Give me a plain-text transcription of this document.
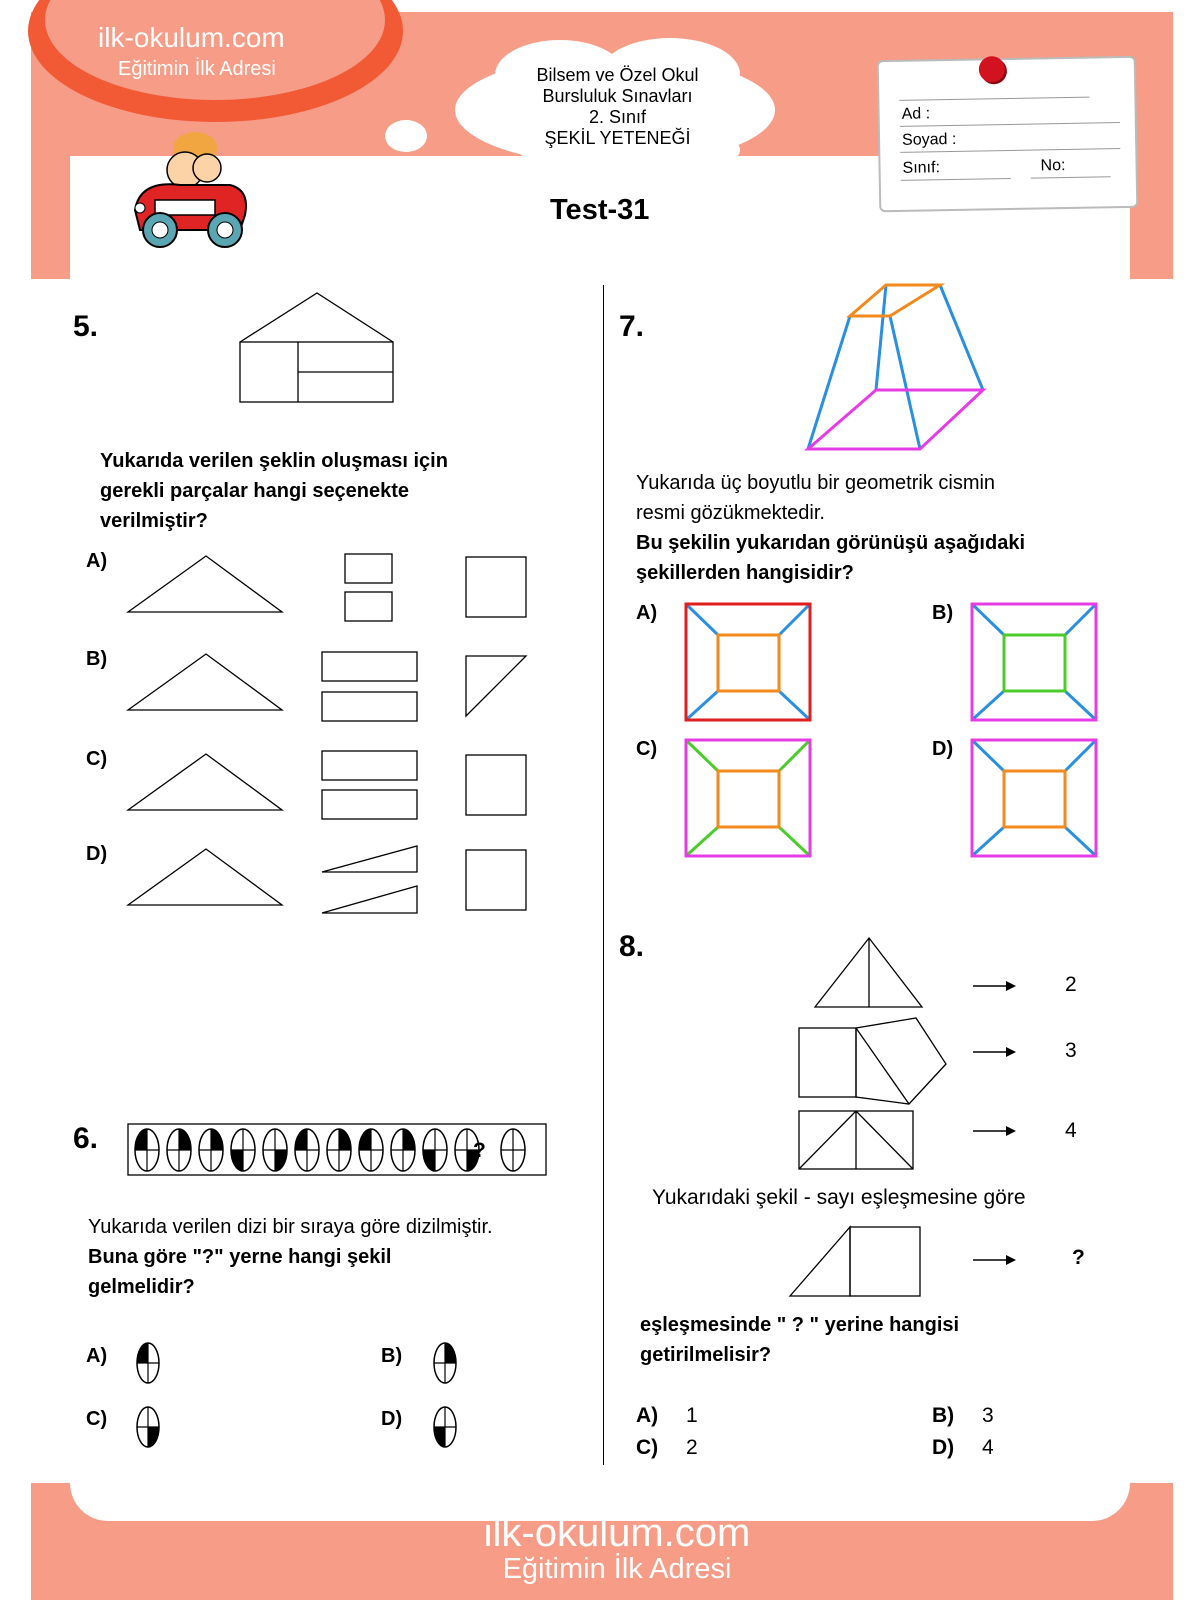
ilk-okulum.com
Eğitimin İlk Adresi	Bilsem ve Özel Okul
Bursluluk Sınavları
2. Sınıf
ŞEKİL YETENEĞİ
Ad :
Soyad :
Sınıf:	No:
Test-31
5.
Yukarıda verilen şeklin oluşması için
gerekli parçalar hangi seçenekte
verilmiştir?
A)
B)
C)
D)
6.	?
Yukarıda verilen dizi bir sıraya göre dizilmiştir.
Buna göre "?" yerne hangi şekil
gelmelidir?
A)	B)
C)	D)
7.
Yukarıda üç boyutlu bir geometrik cismin
resmi gözükmektedir.
Bu şekilin yukarıdan görünüşü aşağıdaki
şekillerden hangisidir?
A)	B)
C)	D)
8.
2
3
4
Yukarıdaki şekil - sayı eşleşmesine göre
?
eşleşmesinde " ? " yerine hangisi
getirilmelisir?
A) 1	B) 3
C) 2	D) 4
ilk-okulum.com
Eğitimin İlk Adresi
